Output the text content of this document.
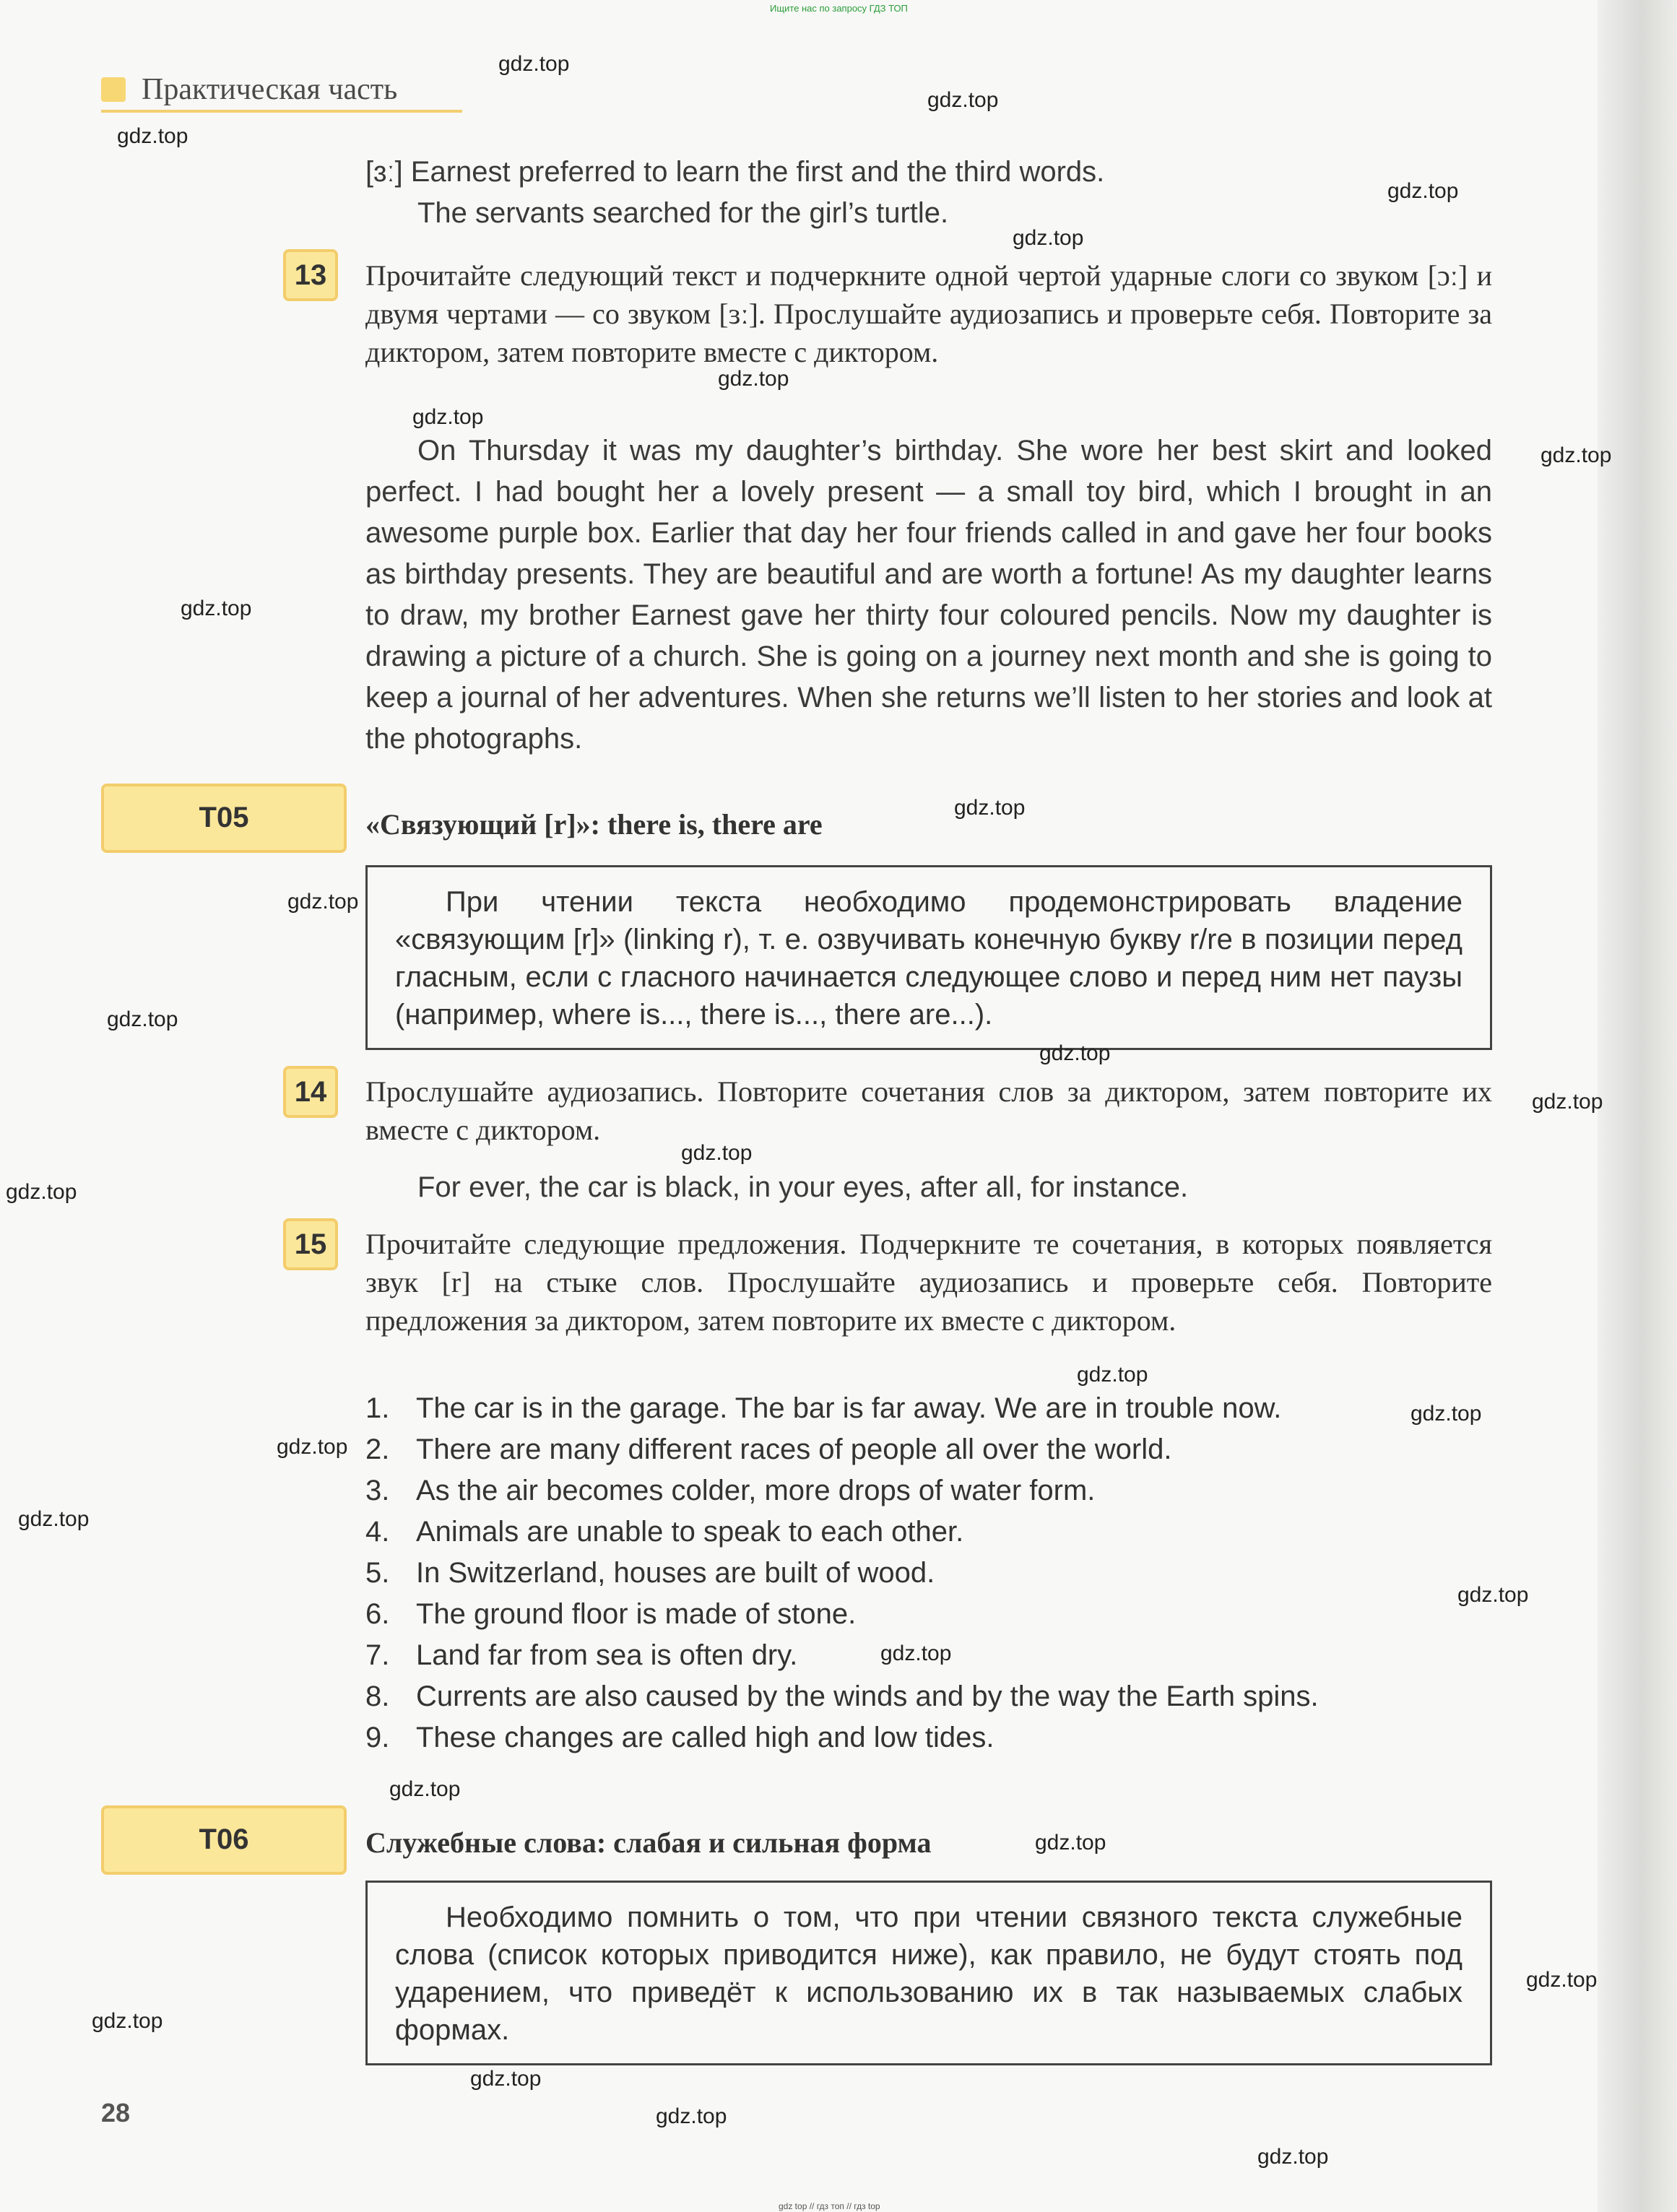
Ищите нас по запросу ГДЗ ТОП
Практическая часть
[ɜː] Earnest preferred to learn the first and the third words.
The servants searched for the girl’s turtle.
13	Прочитайте следующий текст и подчеркните одной чертой ударные слоги со звуком [ɔː] и двумя чертами — со звуком [ɜː]. Прослушайте аудиозапись и проверьте себя. Повторите за диктором, затем повторите вместе с диктором.
On Thursday it was my daughter’s birthday. She wore her best skirt and looked perfect. I had bought her a lovely present — a small toy bird, which I brought in an awesome purple box. Earlier that day her four friends called in and gave her four books as birthday presents. They are beautiful and are worth a fortune! As my daughter learns to draw, my brother Earnest gave her thirty four coloured pencils. Now my daughter is drawing a picture of a church. She is going on a journey next month and she is going to keep a journal of her adventures. When she returns we’ll listen to her stories and look at the photographs.
T05	«Связующий [r]»: there is, there are
При чтении текста необходимо продемонстрировать владение «связующим [r]» (linking r), т. е. озвучивать конечную букву r/re в позиции перед гласным, если с гласного начинается следующее слово и перед ним нет паузы (например, where is..., there is..., there are...).
14	Прослушайте аудиозапись. Повторите сочетания слов за диктором, затем повторите их вместе с диктором.
For ever, the car is black, in your eyes, after all, for instance.
15	Прочитайте следующие предложения. Подчеркните те сочетания, в которых появляется звук [r] на стыке слов. Прослушайте аудиозапись и проверьте себя. Повторите предложения за диктором, затем повторите их вместе с диктором.
1. The car is in the garage. The bar is far away. We are in trouble now.
2. There are many different races of people all over the world.
3. As the air becomes colder, more drops of water form.
4. Animals are unable to speak to each other.
5. In Switzerland, houses are built of wood.
6. The ground floor is made of stone.
7. Land far from sea is often dry.
8. Currents are also caused by the winds and by the way the Earth spins.
9. These changes are called high and low tides.
T06	Служебные слова: слабая и сильная форма
Необходимо помнить о том, что при чтении связного текста служебные слова (список которых приводится ниже), как правило, не будут стоять под ударением, что приведёт к использованию их в так называемых слабых формах.
28
gdz top // гдз топ // гдз top
gdz.top
gdz.top
gdz.top
gdz.top
gdz.top
gdz.top
gdz.top
gdz.top
gdz.top
gdz.top
gdz.top
gdz.top
gdz.top
gdz.top
gdz.top
gdz.top
gdz.top
gdz.top
gdz.top
gdz.top
gdz.top
gdz.top
gdz.top
gdz.top
gdz.top
gdz.top
gdz.top
gdz.top
gdz.top
